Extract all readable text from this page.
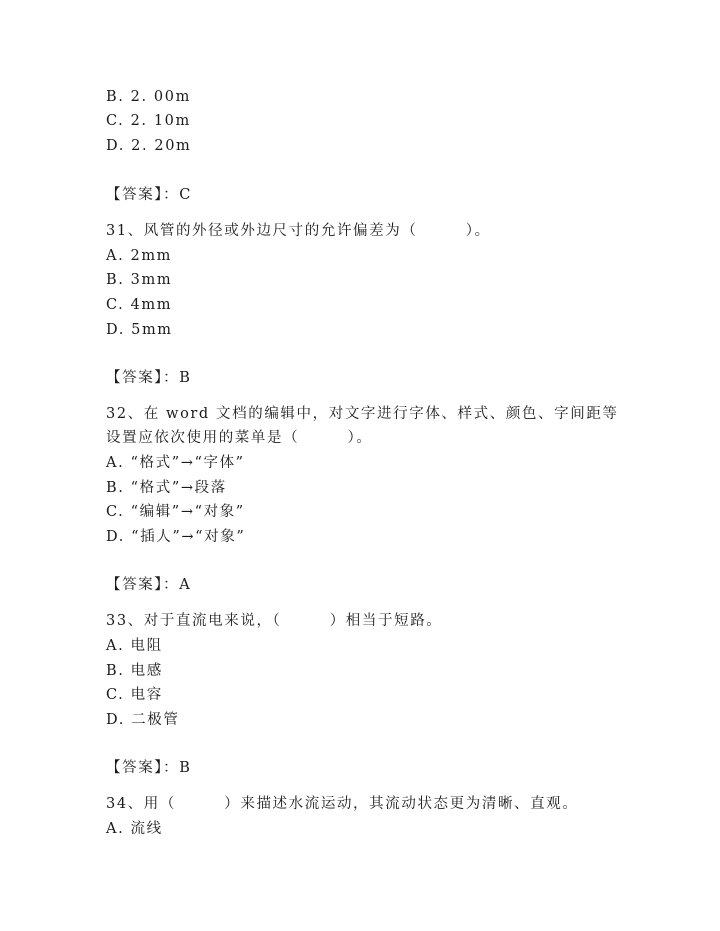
B. 2. 00m
C. 2. 10m
D. 2. 20m
【答案】：C
31、风管的外径或外边尺寸的允许偏差为（　　　）。
A. 2mm
B. 3mm
C. 4mm
D. 5mm
【答案】：B
32、在 word 文档的编辑中，对文字进行字体、样式、颜色、字间距等
设置应依次使用的菜单是（　　　）。
A. “格式”→“字体”
B. “格式”→段落
C. “编辑”→“对象”
D. “插人”→“对象”
【答案】：A
33、对于直流电来说，（　　　）相当于短路。
A. 电阻
B. 电感
C. 电容
D. 二极管
【答案】：B
34、用（　　　）来描述水流运动，其流动状态更为清晰、直观。
A. 流线
